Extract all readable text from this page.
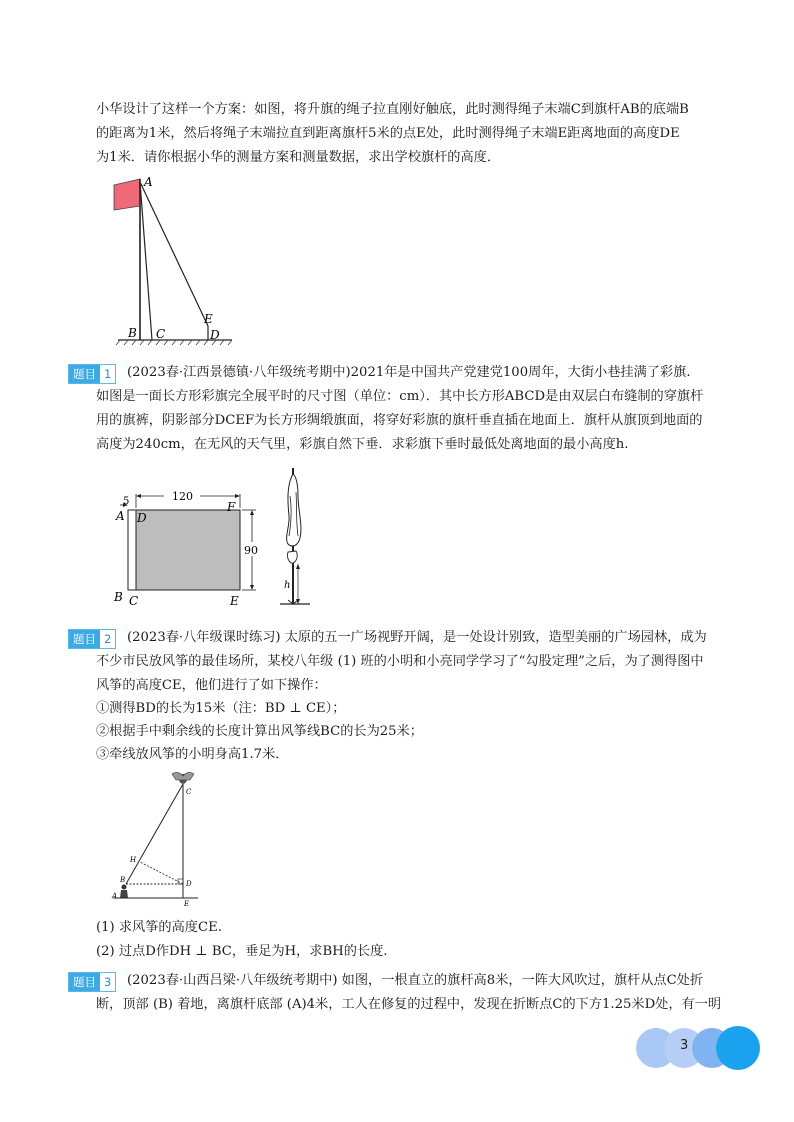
小华设计了这样一个方案：如图，将升旗的绳子拉直刚好触底，此时测得绳子末端C到旗杆AB的底端B
的距离为1米，然后将绳子末端拉直到距离旗杆5米的点E处，此时测得绳子末端E距离地面的高度DE
为1米．请你根据小华的测量方案和测量数据，求出学校旗杆的高度．
A
B C	D
E
题目 1	(2023春·江西景德镇·八年级统考期中)2021年是中国共产党建党100周年，大街小巷挂满了彩旗.
如图是一面长方形彩旗完全展平时的尺寸图（单位：cm）．其中长方形ABCD是由双层白布缝制的穿旗杆
用的旗裤，阴影部分DCEF为长方形绸缎旗面，将穿好彩旗的旗杆垂直插在地面上．旗杆从旗顶到地面的
高度为240cm，在无风的天气里，彩旗自然下垂．求彩旗下垂时最低处离地面的最小高度h.
120
90
5
A D
F
B C	E
h
题目 2	(2023春·八年级课时练习) 太原的五一广场视野开阔，是一处设计别致，造型美丽的广场园林，成为
不少市民放风筝的最佳场所，某校八年级 (1) 班的小明和小亮同学学习了“勾股定理”之后，为了测得图中
风筝的高度CE，他们进行了如下操作：
①测得BD的长为15米（注：BD ⊥ CE）；
②根据手中剩余线的长度计算出风筝线BC的长为25米；
③牵线放风筝的小明身高1.7米．
C
H
B	D
A
E
(1) 求风筝的高度CE.
(2) 过点D作DH ⊥ BC，垂足为H，求BH的长度.
题目 3	(2023春·山西吕梁·八年级统考期中) 如图，一根直立的旗杆高8米，一阵大风吹过，旗杆从点C处折
断，顶部 (B) 着地，离旗杆底部 (A)4米，工人在修复的过程中，发现在折断点C的下方1.25米D处，有一明
3
